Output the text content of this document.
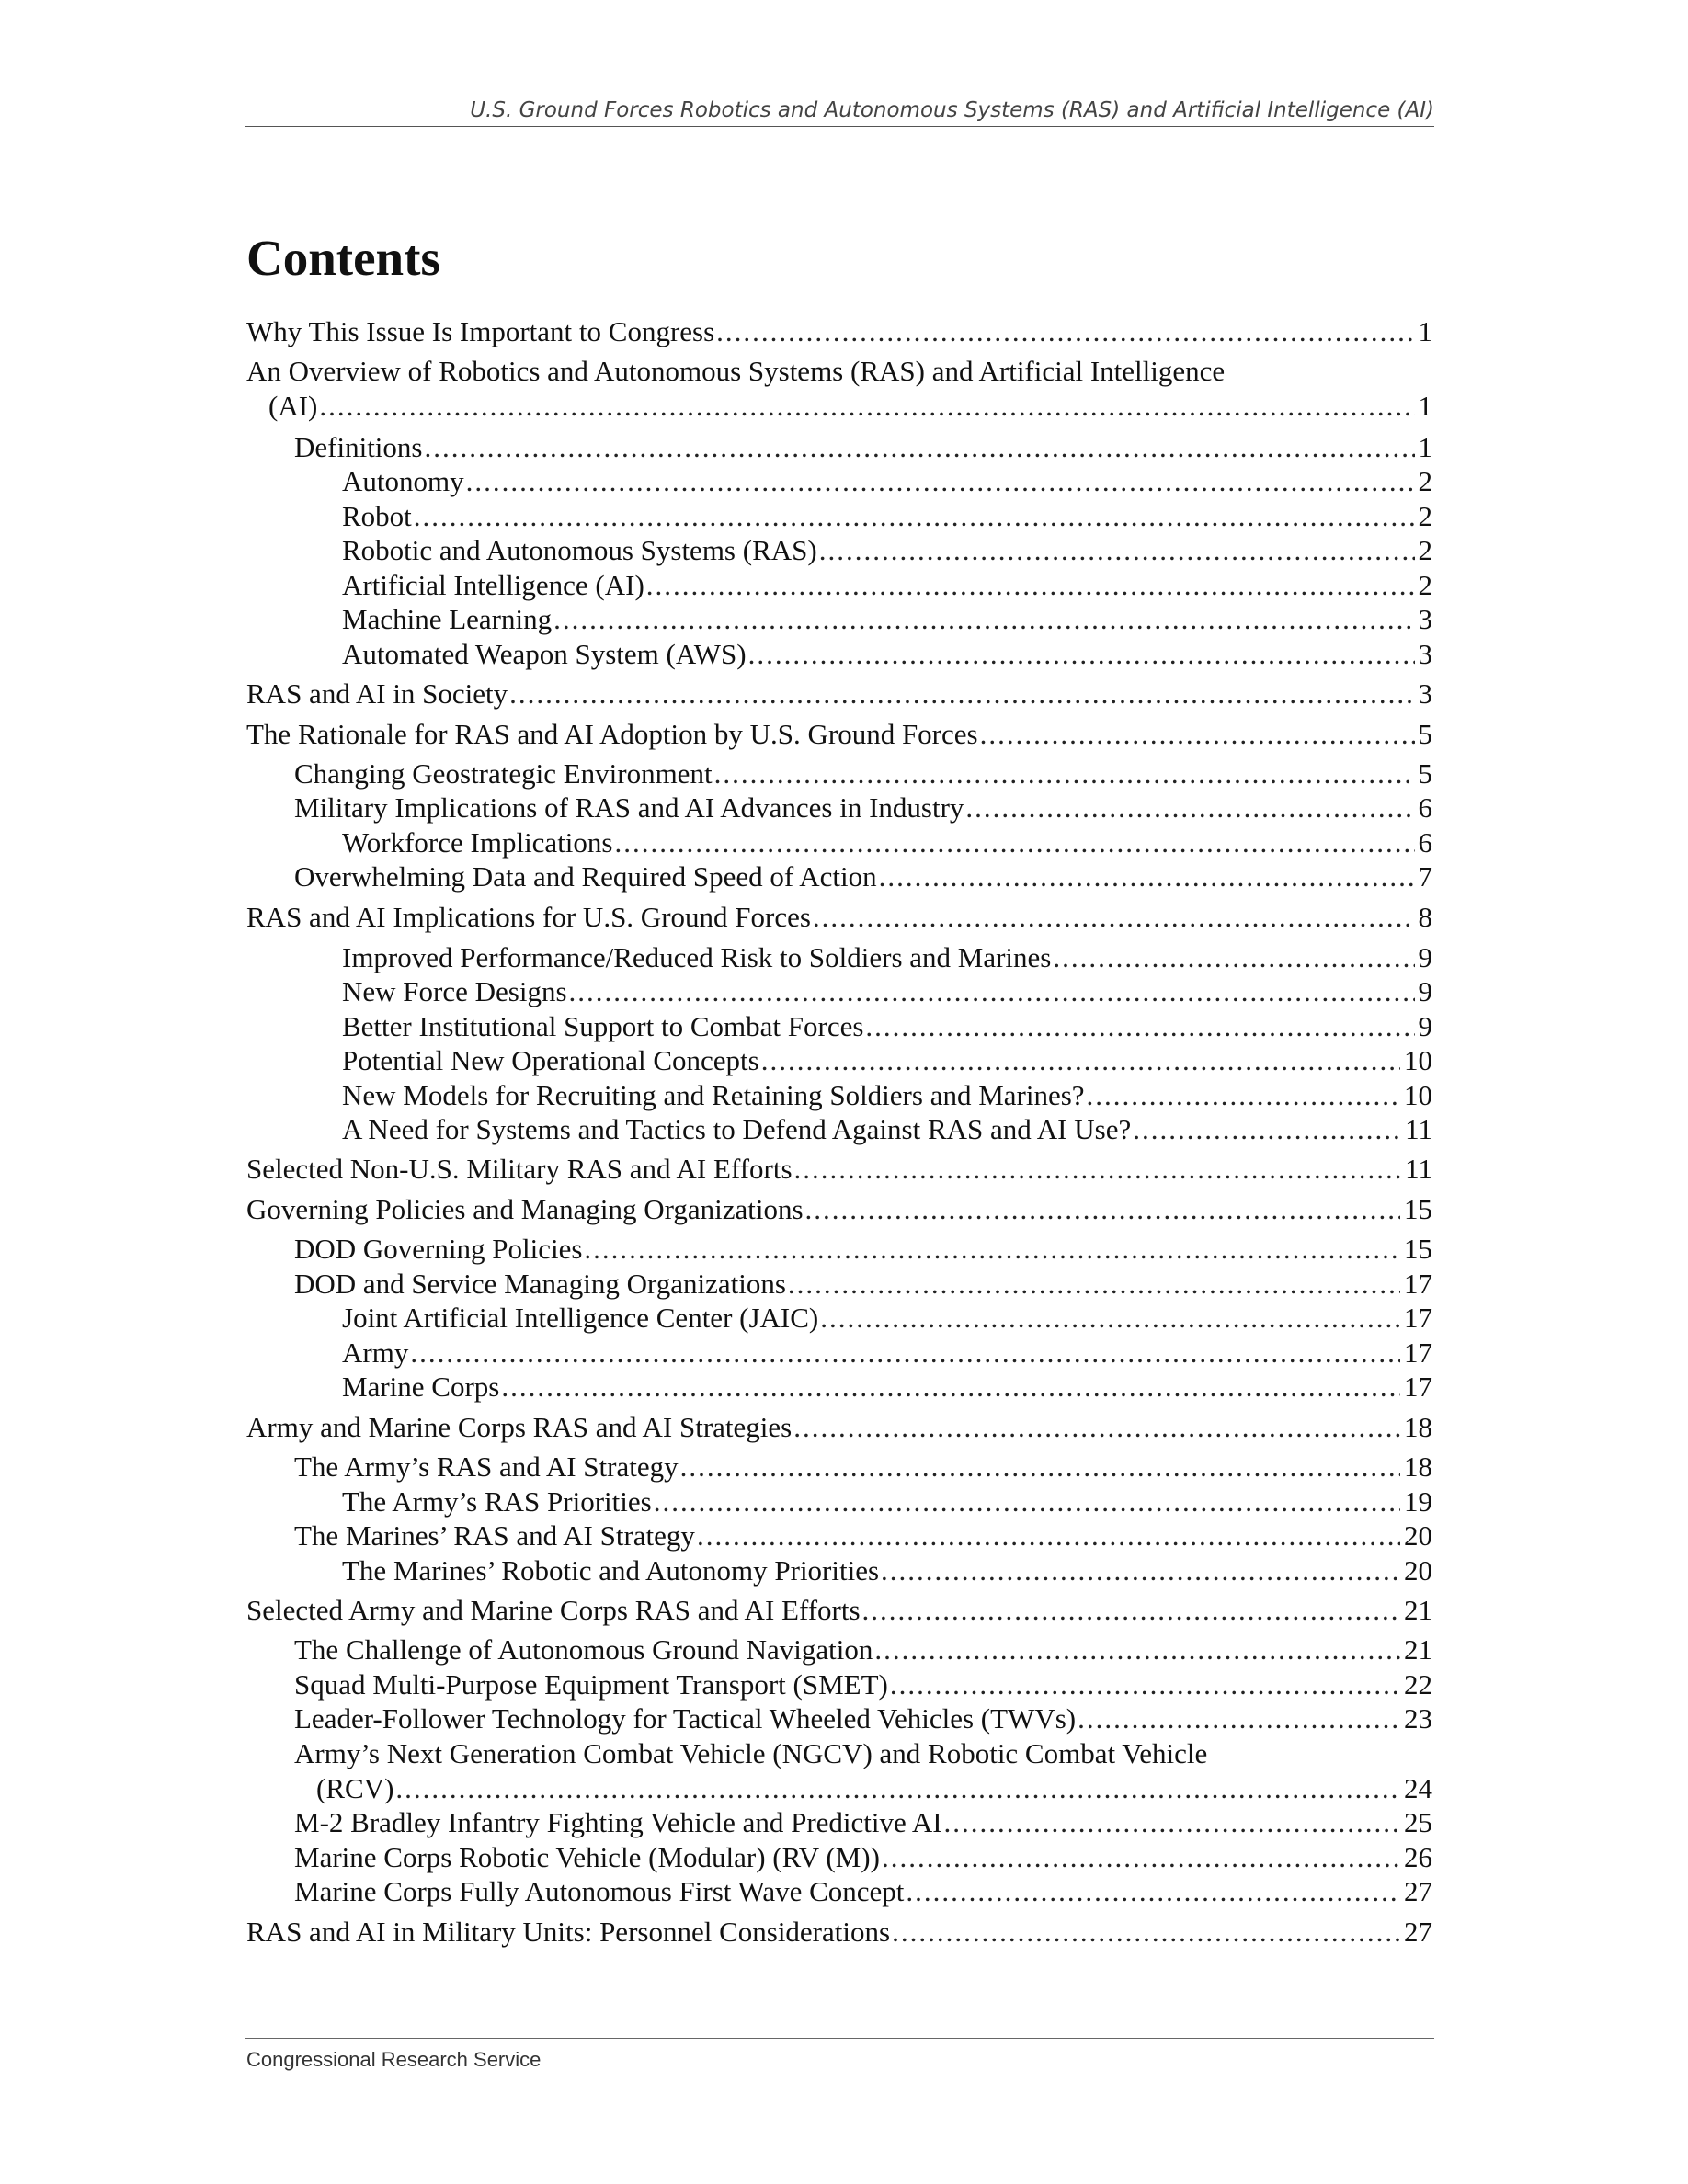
U.S. Ground Forces Robotics and Autonomous Systems (RAS) and Artificial Intelligence (AI)
Contents
Why This Issue Is Important to Congress .....	1
An Overview of Robotics and Autonomous Systems (RAS) and Artificial Intelligence
(AI) .....	1
Definitions .....	1
Autonomy .....	2
Robot .....	2
Robotic and Autonomous Systems (RAS) .....	2
Artificial Intelligence (AI) .....	2
Machine Learning .....	3
Automated Weapon System (AWS) .....	3
RAS and AI in Society .....	3
The Rationale for RAS and AI Adoption by U.S. Ground Forces .....	5
Changing Geostrategic Environment .....	5
Military Implications of RAS and AI Advances in Industry .....	6
Workforce Implications .....	6
Overwhelming Data and Required Speed of Action .....	7
RAS and AI Implications for U.S. Ground Forces .....	8
Improved Performance/Reduced Risk to Soldiers and Marines .....	9
New Force Designs .....	9
Better Institutional Support to Combat Forces .....	9
Potential New Operational Concepts .....	10
New Models for Recruiting and Retaining Soldiers and Marines? .....	10
A Need for Systems and Tactics to Defend Against RAS and AI Use? .....	11
Selected Non-U.S. Military RAS and AI Efforts .....	11
Governing Policies and Managing Organizations .....	15
DOD Governing Policies .....	15
DOD and Service Managing Organizations .....	17
Joint Artificial Intelligence Center (JAIC) .....	17
Army .....	17
Marine Corps .....	17
Army and Marine Corps RAS and AI Strategies .....	18
The Army’s RAS and AI Strategy .....	18
The Army’s RAS Priorities .....	19
The Marines’ RAS and AI Strategy .....	20
The Marines’ Robotic and Autonomy Priorities .....	20
Selected Army and Marine Corps RAS and AI Efforts .....	21
The Challenge of Autonomous Ground Navigation .....	21
Squad Multi-Purpose Equipment Transport (SMET) .....	22
Leader-Follower Technology for Tactical Wheeled Vehicles (TWVs) .....	23
Army’s Next Generation Combat Vehicle (NGCV) and Robotic Combat Vehicle
(RCV) .....	24
M-2 Bradley Infantry Fighting Vehicle and Predictive AI .....	25
Marine Corps Robotic Vehicle (Modular) (RV (M)) .....	26
Marine Corps Fully Autonomous First Wave Concept .....	27
RAS and AI in Military Units: Personnel Considerations .....	27
Congressional Research Service
